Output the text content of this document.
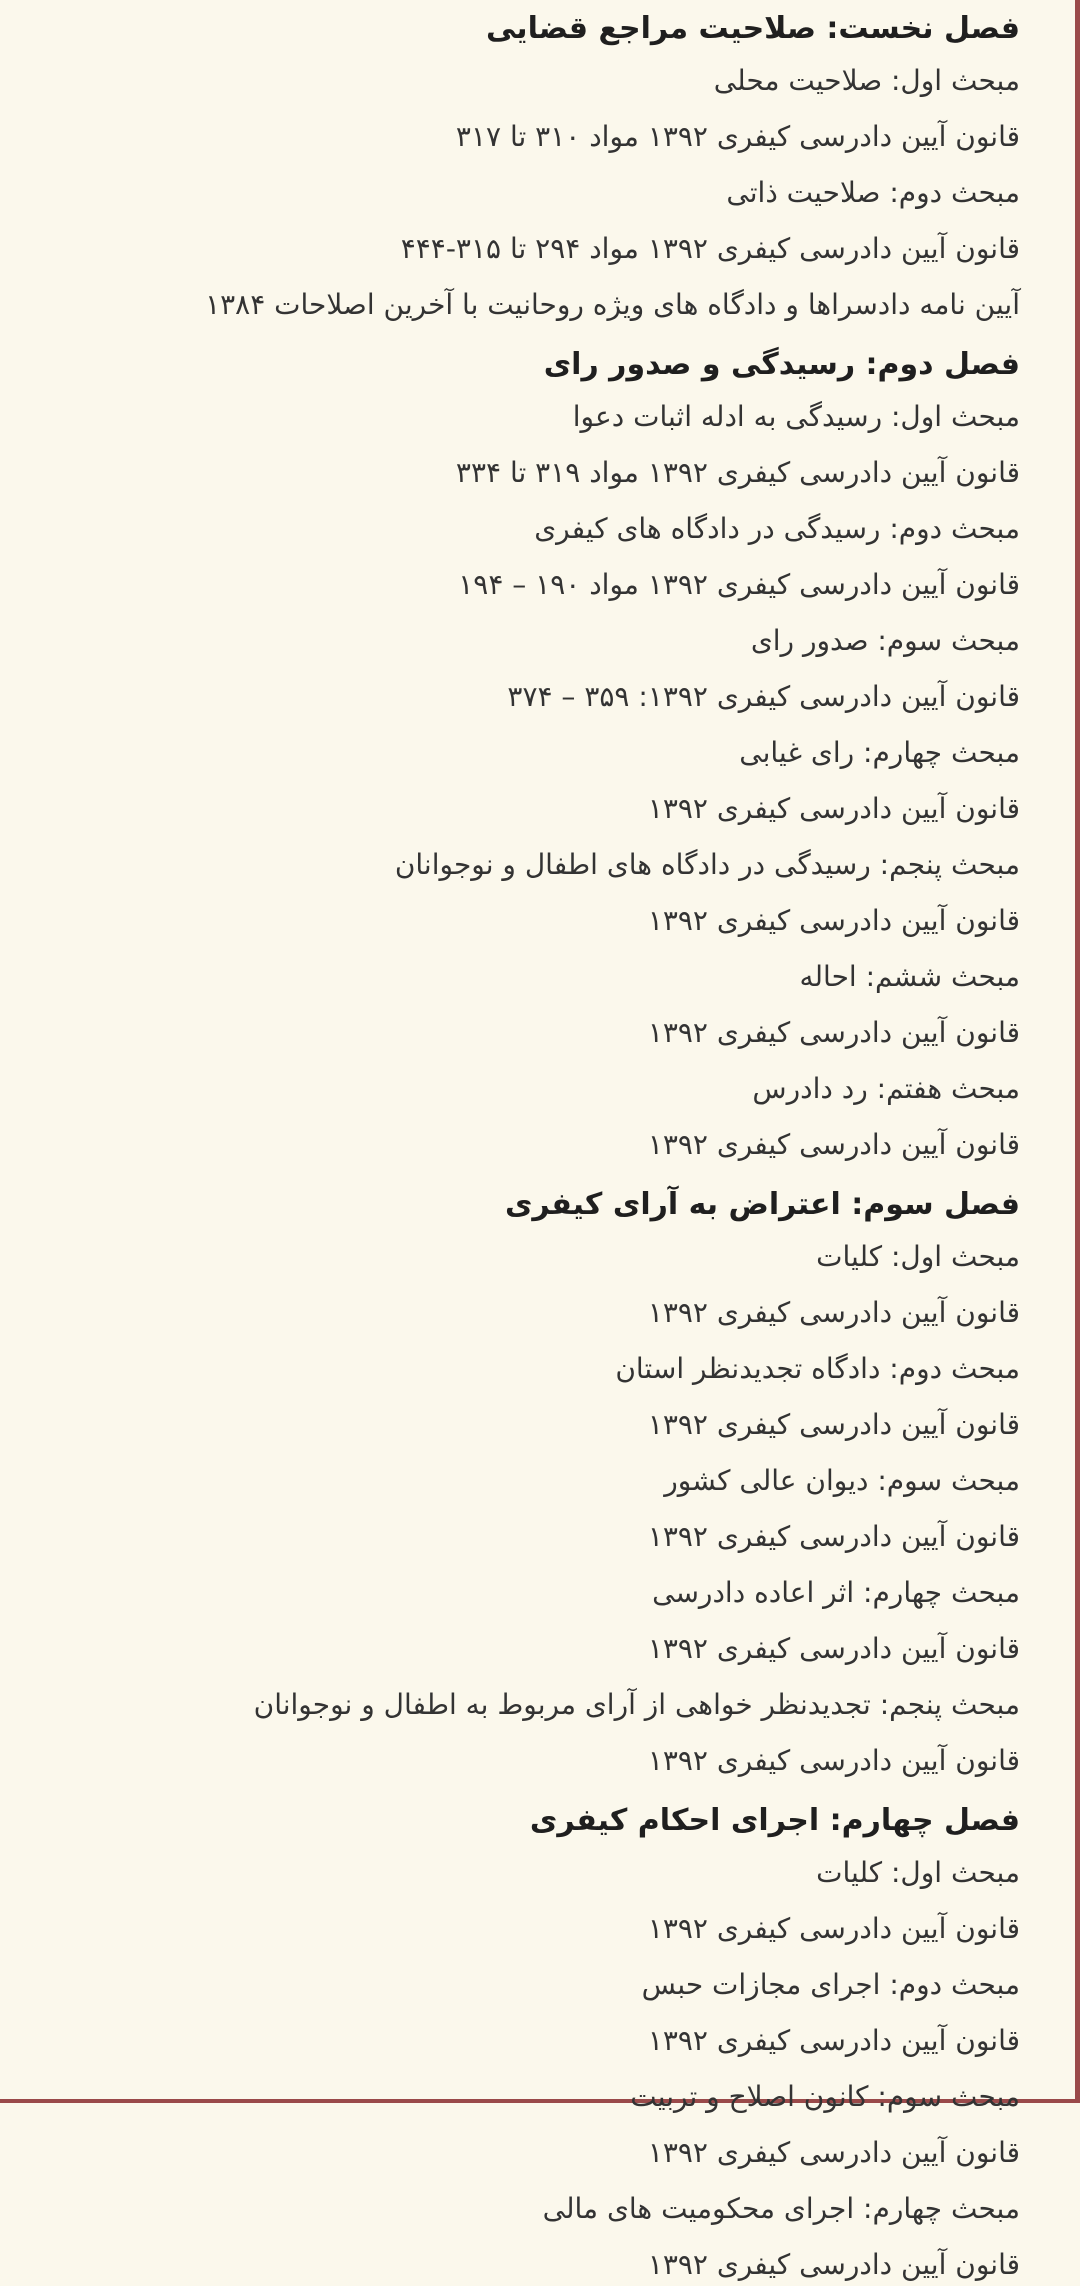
فصل نخست: صلاحیت مراجع قضایی
مبحث اول: صلاحیت محلی
قانون آیین دادرسی کیفری ۱۳۹۲ مواد ۳۱۰ تا ۳۱۷
مبحث دوم: صلاحیت ذاتی
قانون آیین دادرسی کیفری ۱۳۹۲ مواد ۲۹۴ تا ۳۱۵-۴۴۴
آیین نامه دادسراها و دادگاه های ویژه روحانیت با آخرین اصلاحات ۱۳۸۴
فصل دوم: رسیدگی و صدور رای
مبحث اول: رسیدگی به ادله اثبات دعوا
قانون آیین دادرسی کیفری ۱۳۹۲ مواد ۳۱۹ تا ۳۳۴
مبحث دوم: رسیدگی در دادگاه های کیفری
قانون آیین دادرسی کیفری ۱۳۹۲ مواد ۱۹۰ – ۱۹۴
مبحث سوم: صدور رای
قانون آیین دادرسی کیفری ۱۳۹۲: ۳۵۹ – ۳۷۴
مبحث چهارم: رای غیابی
قانون آیین دادرسی کیفری ۱۳۹۲
مبحث پنجم: رسیدگی در دادگاه های اطفال و نوجوانان
قانون آیین دادرسی کیفری ۱۳۹۲
مبحث ششم: احاله
قانون آیین دادرسی کیفری ۱۳۹۲
مبحث هفتم: رد دادرس
قانون آیین دادرسی کیفری ۱۳۹۲
فصل سوم: اعتراض به آرای کیفری
مبحث اول: کلیات
قانون آیین دادرسی کیفری ۱۳۹۲
مبحث دوم: دادگاه تجدیدنظر استان
قانون آیین دادرسی کیفری ۱۳۹۲
مبحث سوم: دیوان عالی کشور
قانون آیین دادرسی کیفری ۱۳۹۲
مبحث چهارم: اثر اعاده دادرسی
قانون آیین دادرسی کیفری ۱۳۹۲
مبحث پنجم: تجدیدنظر خواهی از آرای مربوط به اطفال و نوجوانان
قانون آیین دادرسی کیفری ۱۳۹۲
فصل چهارم: اجرای احکام کیفری
مبحث اول: کلیات
قانون آیین دادرسی کیفری ۱۳۹۲
مبحث دوم: اجرای مجازات حبس
قانون آیین دادرسی کیفری ۱۳۹۲
مبحث سوم: کانون اصلاح و تربیت
قانون آیین دادرسی کیفری ۱۳۹۲
مبحث چهارم: اجرای محکومیت های مالی
قانون آیین دادرسی کیفری ۱۳۹۲
